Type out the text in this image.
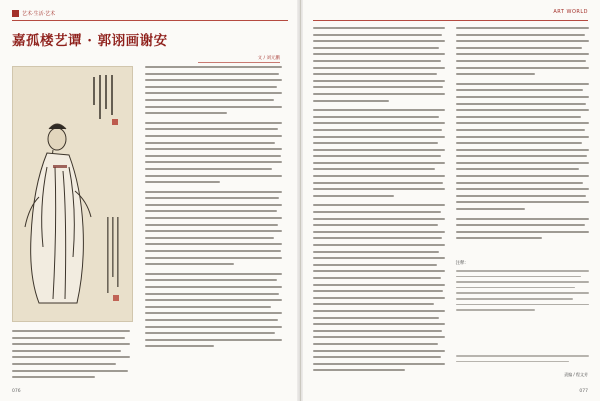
艺术·生活·艺术
嘉孤楼艺谭 · 郭诩画谢安
文 / 刘元鹏
076
ART WORLD
注释：
责编 / 程文芳
077
